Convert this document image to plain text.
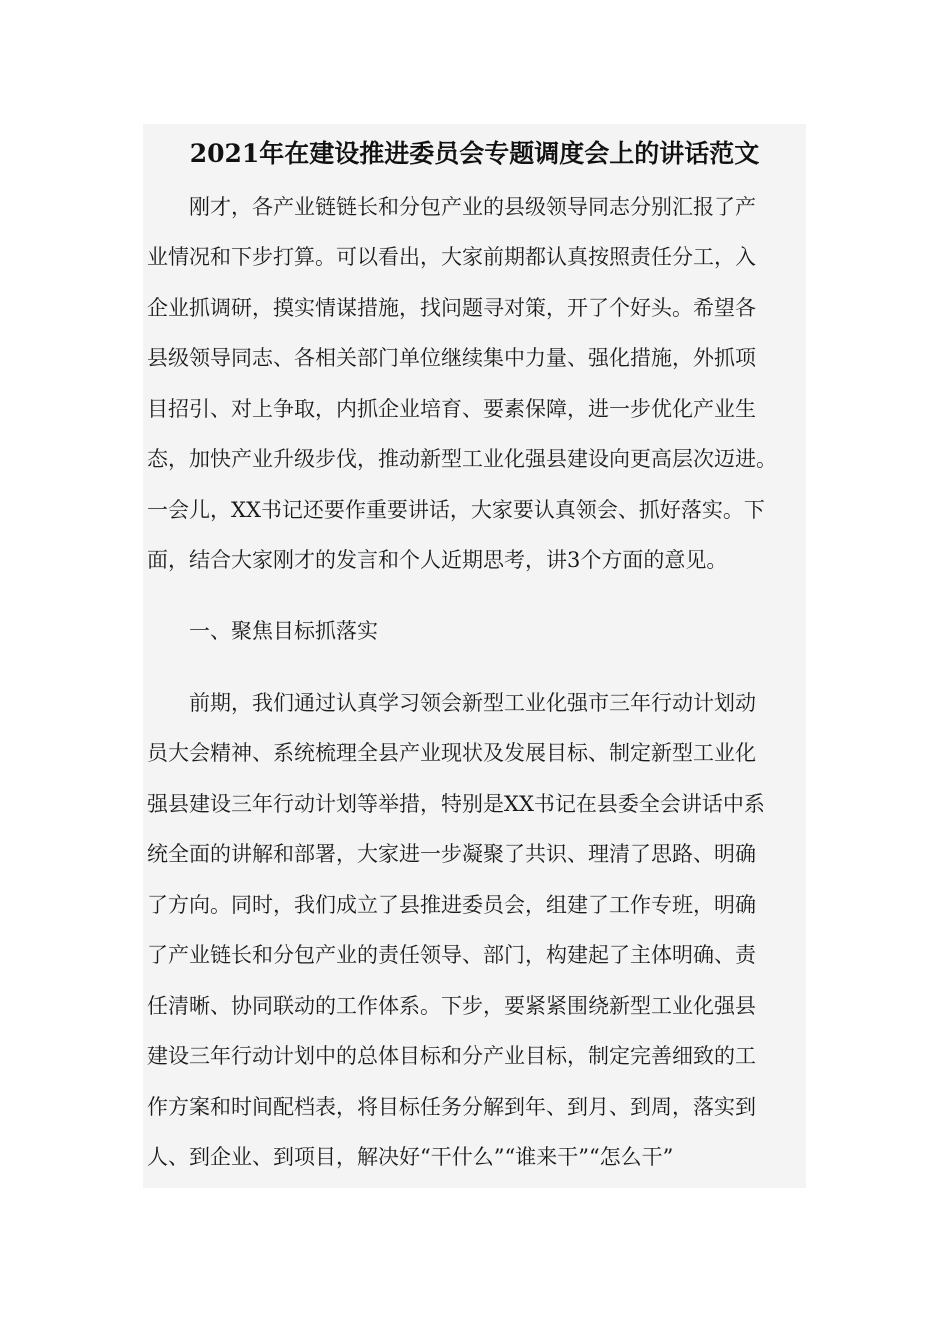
2021年在建设推进委员会专题调度会上的讲话范文

刚才，各产业链链长和分包产业的县级领导同志分别汇报了产

业情况和下步打算。可以看出，大家前期都认真按照责任分工，入

企业抓调研，摸实情谋措施，找问题寻对策，开了个好头。希望各

县级领导同志、各相关部门单位继续集中力量、强化措施，外抓项

目招引、对上争取，内抓企业培育、要素保障，进一步优化产业生

态，加快产业升级步伐，推动新型工业化强县建设向更高层次迈进。

一会儿，XX书记还要作重要讲话，大家要认真领会、抓好落实。下

面，结合大家刚才的发言和个人近期思考，讲3个方面的意见。

一、聚焦目标抓落实

前期，我们通过认真学习领会新型工业化强市三年行动计划动

员大会精神、系统梳理全县产业现状及发展目标、制定新型工业化

强县建设三年行动计划等举措，特别是XX书记在县委全会讲话中系

统全面的讲解和部署，大家进一步凝聚了共识、理清了思路、明确

了方向。同时，我们成立了县推进委员会，组建了工作专班，明确

了产业链长和分包产业的责任领导、部门，构建起了主体明确、责

任清晰、协同联动的工作体系。下步，要紧紧围绕新型工业化强县

建设三年行动计划中的总体目标和分产业目标，制定完善细致的工

作方案和时间配档表，将目标任务分解到年、到月、到周，落实到

人、到企业、到项目，解决好“干什么”“谁来干”“怎么干”
